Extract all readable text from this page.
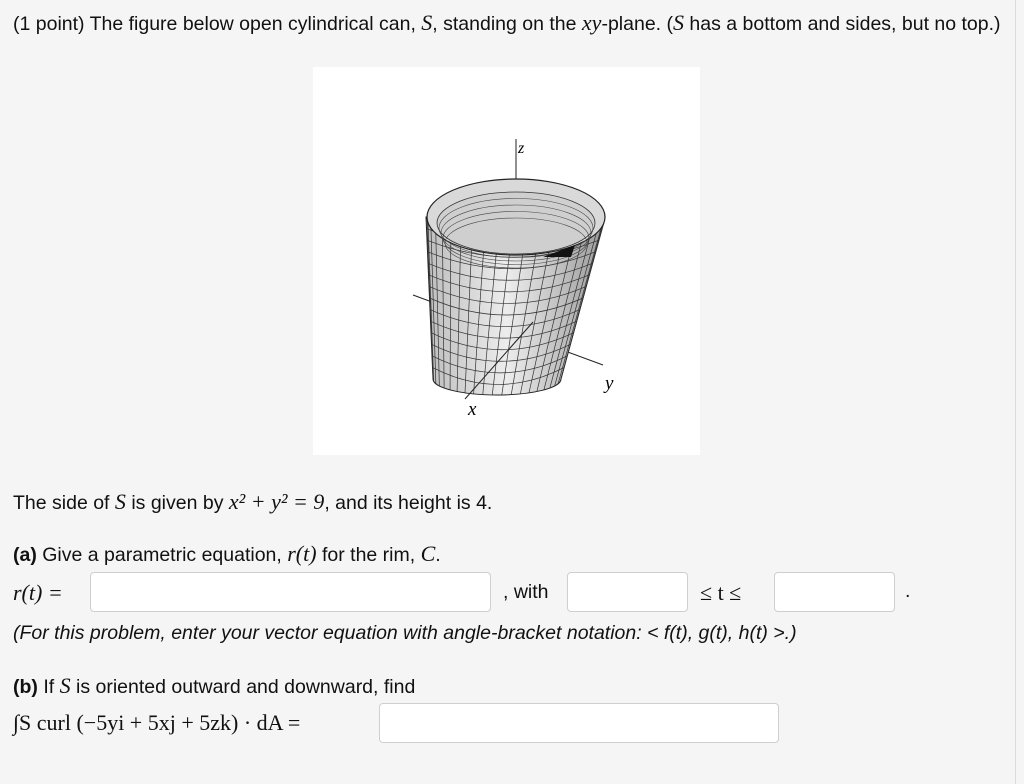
(1 point) The figure below open cylindrical can, S, standing on the xy-plane. (S has a bottom and sides, but no top.)
z
x
y
The side of S is given by x² + y² = 9, and its height is 4.
(a) Give a parametric equation, r(t) for the rim, C.
r(t) =	, with	≤ t ≤	.
(For this problem, enter your vector equation with angle-bracket notation: < f(t), g(t), h(t) >.)
(b) If S is oriented outward and downward, find
∫S curl (−5yi + 5xj + 5zk) · dA =
